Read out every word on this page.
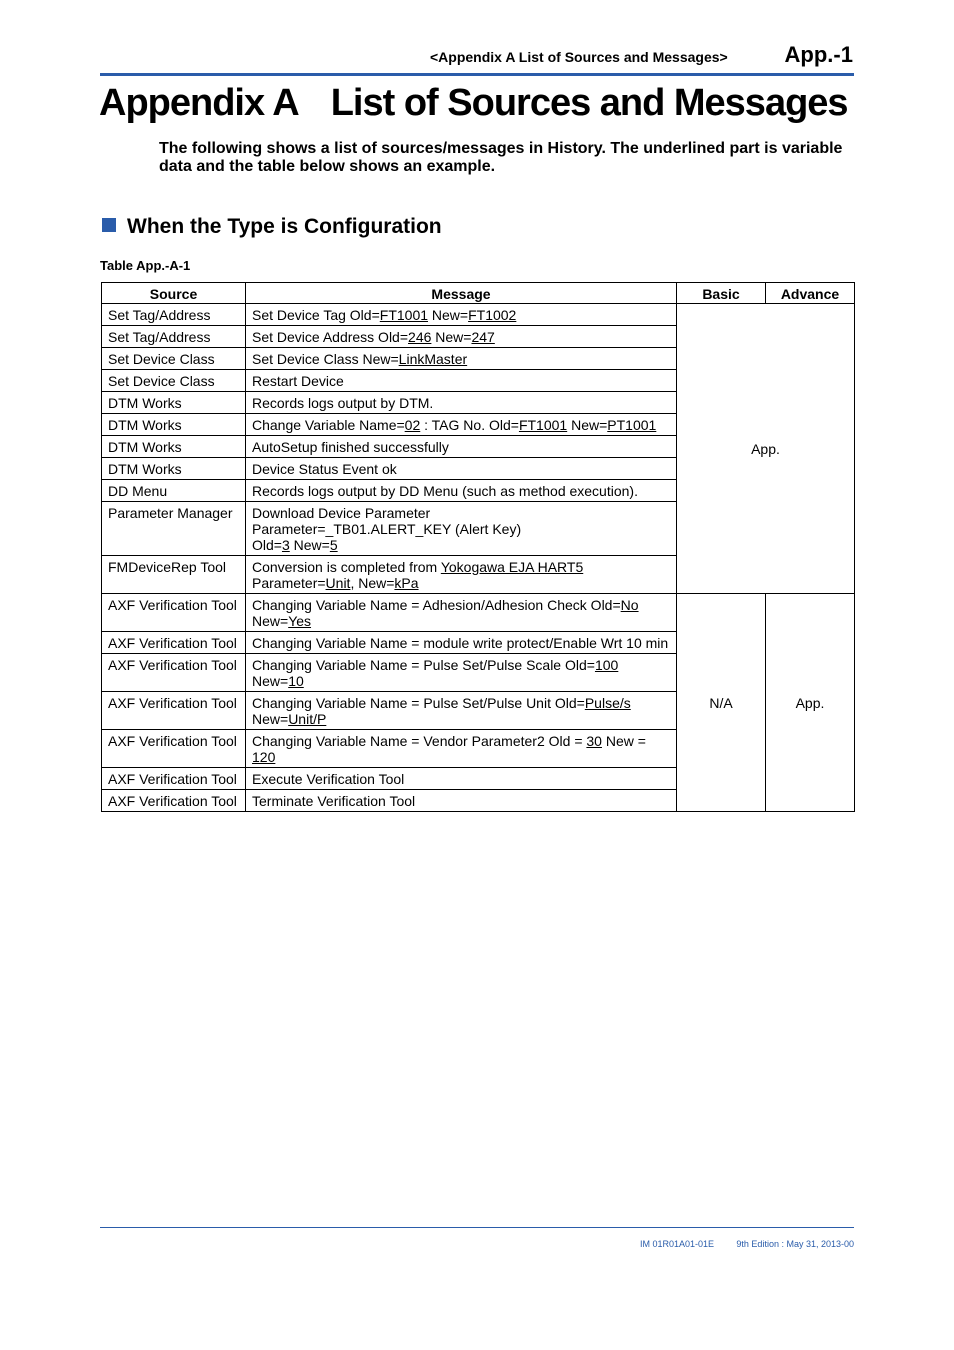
<Appendix A List of Sources and Messages>	App.-1
Appendix A List of Sources and Messages

The following shows a list of sources/messages in History. The underlined part is variable data and the table below shows an example.

When the Type is Configuration
Table App.-A-1
Source	Message	Basic	Advance
Set Tag/Address	Set Device Tag Old=FT1001 New=FT1002	App.	
Set Tag/Address	Set Device Address Old=246 New=247		
Set Device Class	Set Device Class New=LinkMaster		
Set Device Class	Restart Device		
DTM Works	Records logs output by DTM.		
DTM Works	Change Variable Name=02 : TAG No. Old=FT1001 New=PT1001		
DTM Works	AutoSetup finished successfully		
DTM Works	Device Status Event ok		
DD Menu	Records logs output by DD Menu (such as method execution).		
Parameter Manager	Download Device Parameter
Parameter=_TB01.ALERT_KEY (Alert Key)
Old=3 New=5		
FMDeviceRep Tool	Conversion is completed from Yokogawa EJA HART5
Parameter=Unit, New=kPa		
AXF Verification Tool	Changing Variable Name = Adhesion/Adhesion Check Old=No
New=Yes	N/A	App.
AXF Verification Tool	Changing Variable Name = module write protect/Enable Wrt 10 min		
AXF Verification Tool	Changing Variable Name = Pulse Set/Pulse Scale Old=100
New=10		
AXF Verification Tool	Changing Variable Name = Pulse Set/Pulse Unit Old=Pulse/s
New=Unit/P		
AXF Verification Tool	Changing Variable Name = Vendor Parameter2 Old = 30 New = 120		
AXF Verification Tool	Execute Verification Tool		
AXF Verification Tool	Terminate Verification Tool		
IM 01R01A01-01E 9th Edition : May 31, 2013-00
